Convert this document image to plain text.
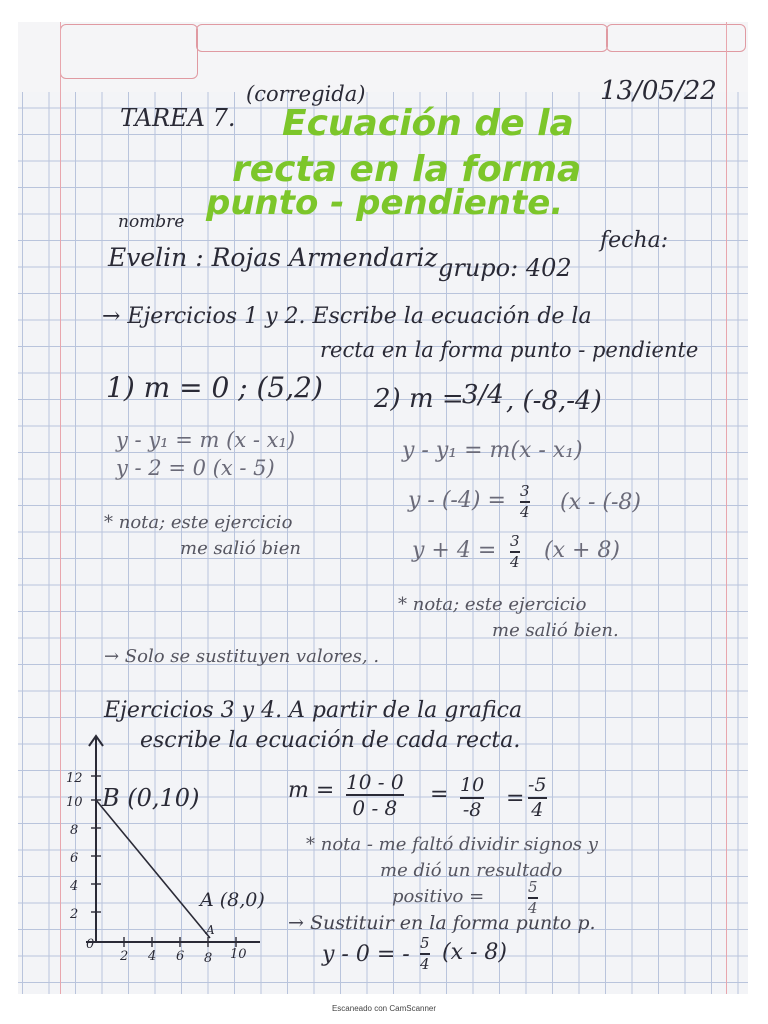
(corregida)	13/05/22
TAREA 7. Ecuación de la
recta en la forma
punto - pendiente.
nombre
fecha:
Evelin : Rojas Armendariz grupo: 402
→ Ejercicios 1 y 2. Escribe la ecuación de la
recta en la forma punto - pendiente
1) m = 0 ; (5,2)
y - y₁ = m (x - x₁)
y - 2 = 0 (x - 5)
* nota; este ejercicio
me salió bien
2) m =
3/4 , (-8,-4)
y - y₁ = m(x - x₁)
y - (-4) = 3
4 (x - (-8)
y + 4 = 3
4 (x + 8)
* nota; este ejercicio
me salió bien.
→ Solo se sustituyen valores, .
Ejercicios 3 y 4. A partir de la grafica
escribe la ecuación de cada recta.
m = 10 - 0
0 - 8
= 10
-8 =
-5
4
* nota - me faltó dividir signos y
me dió un resultado
positivo =	5
4
→ Sustituir en la forma punto p.
y - 0 = - 5
4 (x - 8)
12
10
8
6
4
2
0
2 4 6 8 10
B (0,10)
A (8,0)
A
Escaneado con CamScanner
